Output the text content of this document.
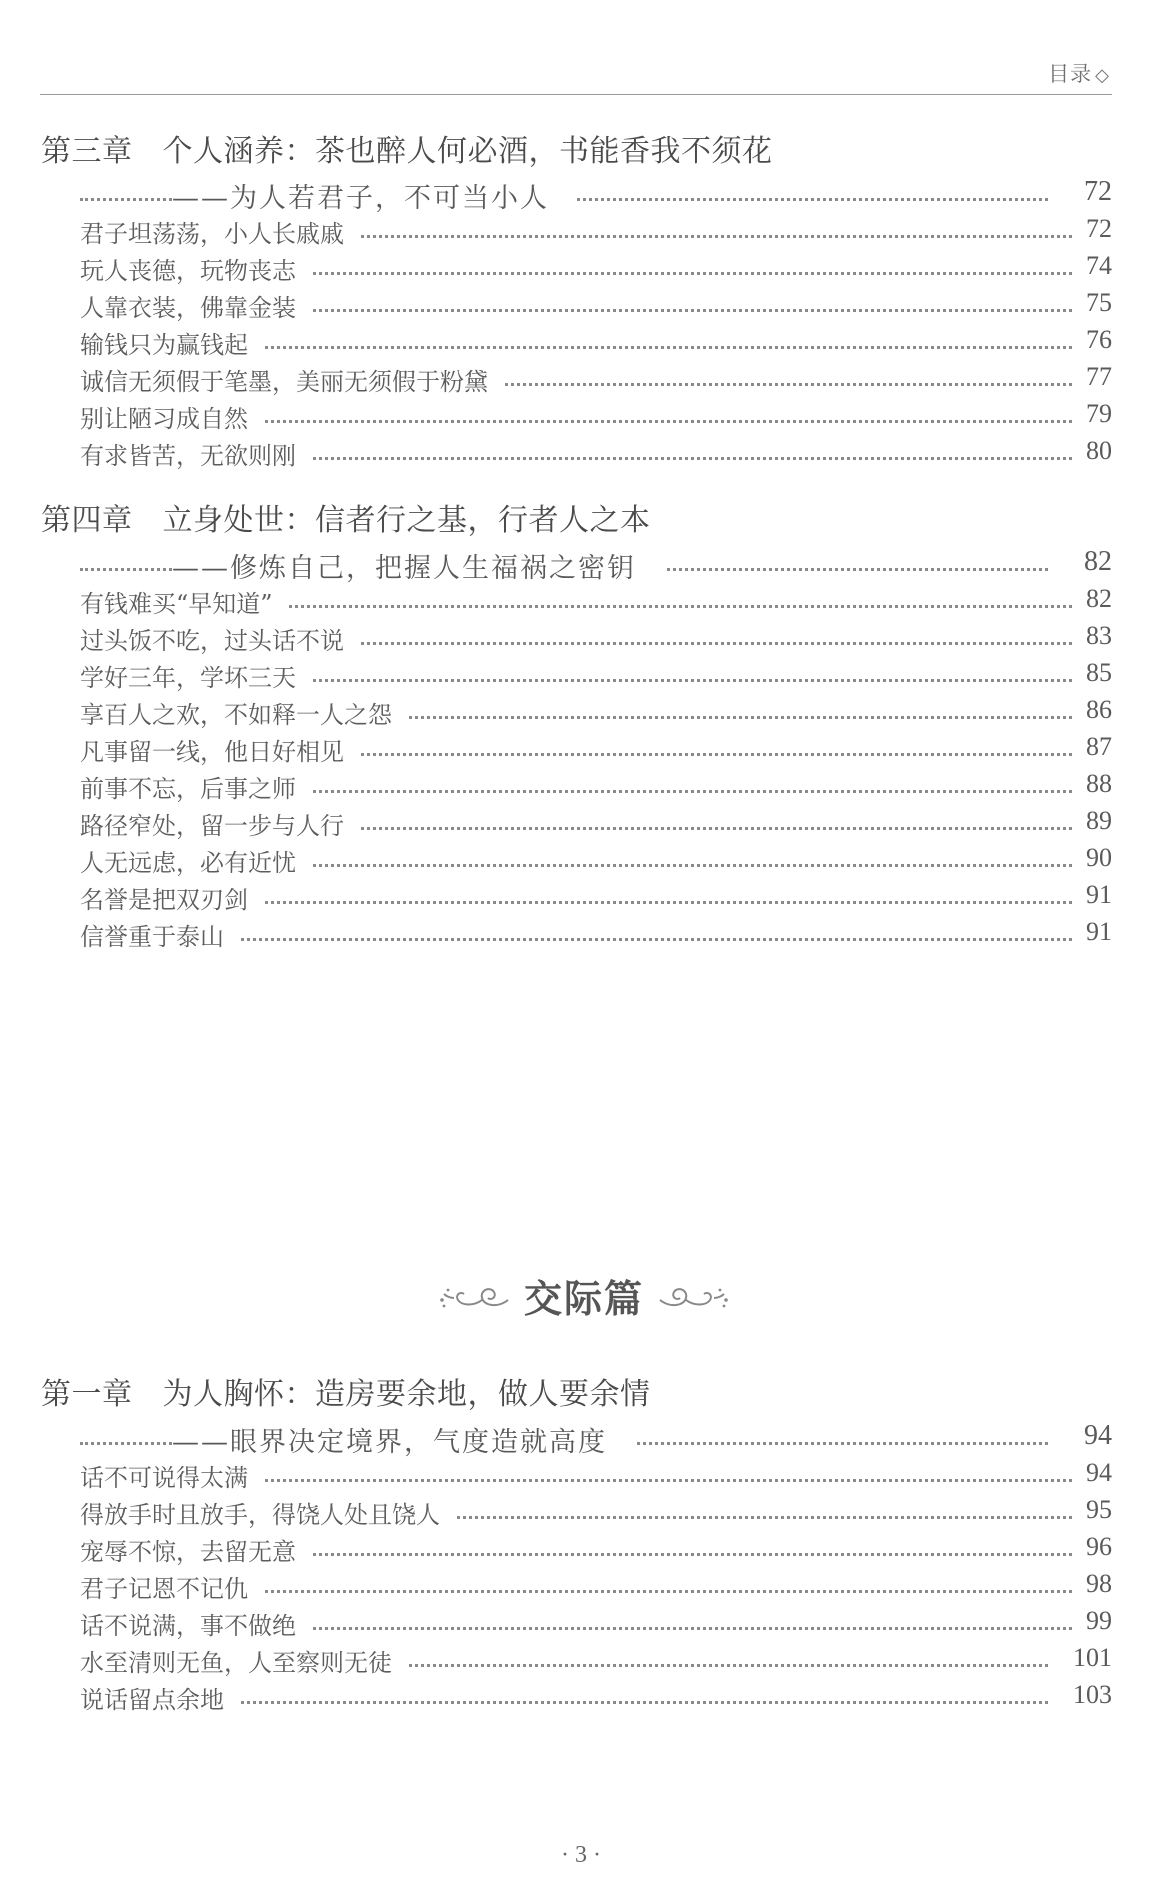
目录 ◇
第三章 个人涵养：茶也醉人何必酒，书能香我不须花
——为人若君子，不可当小人	72
君子坦荡荡，小人长戚戚	72
玩人丧德，玩物丧志	74
人靠衣装，佛靠金装	75
输钱只为赢钱起	76
诚信无须假于笔墨，美丽无须假于粉黛	77
别让陋习成自然	79
有求皆苦，无欲则刚	80
第四章 立身处世：信者行之基，行者人之本
——修炼自己，把握人生福祸之密钥	82
有钱难买“早知道”	82
过头饭不吃，过头话不说	83
学好三年，学坏三天	85
享百人之欢，不如释一人之怨	86
凡事留一线，他日好相见	87
前事不忘，后事之师	88
路径窄处，留一步与人行	89
人无远虑，必有近忧	90
名誉是把双刃剑	91
信誉重于泰山	91
交际篇
第一章 为人胸怀：造房要余地，做人要余情
——眼界决定境界，气度造就高度	94
话不可说得太满	94
得放手时且放手，得饶人处且饶人	95
宠辱不惊，去留无意	96
君子记恩不记仇	98
话不说满，事不做绝	99
水至清则无鱼，人至察则无徒	101
说话留点余地	103
·3·
